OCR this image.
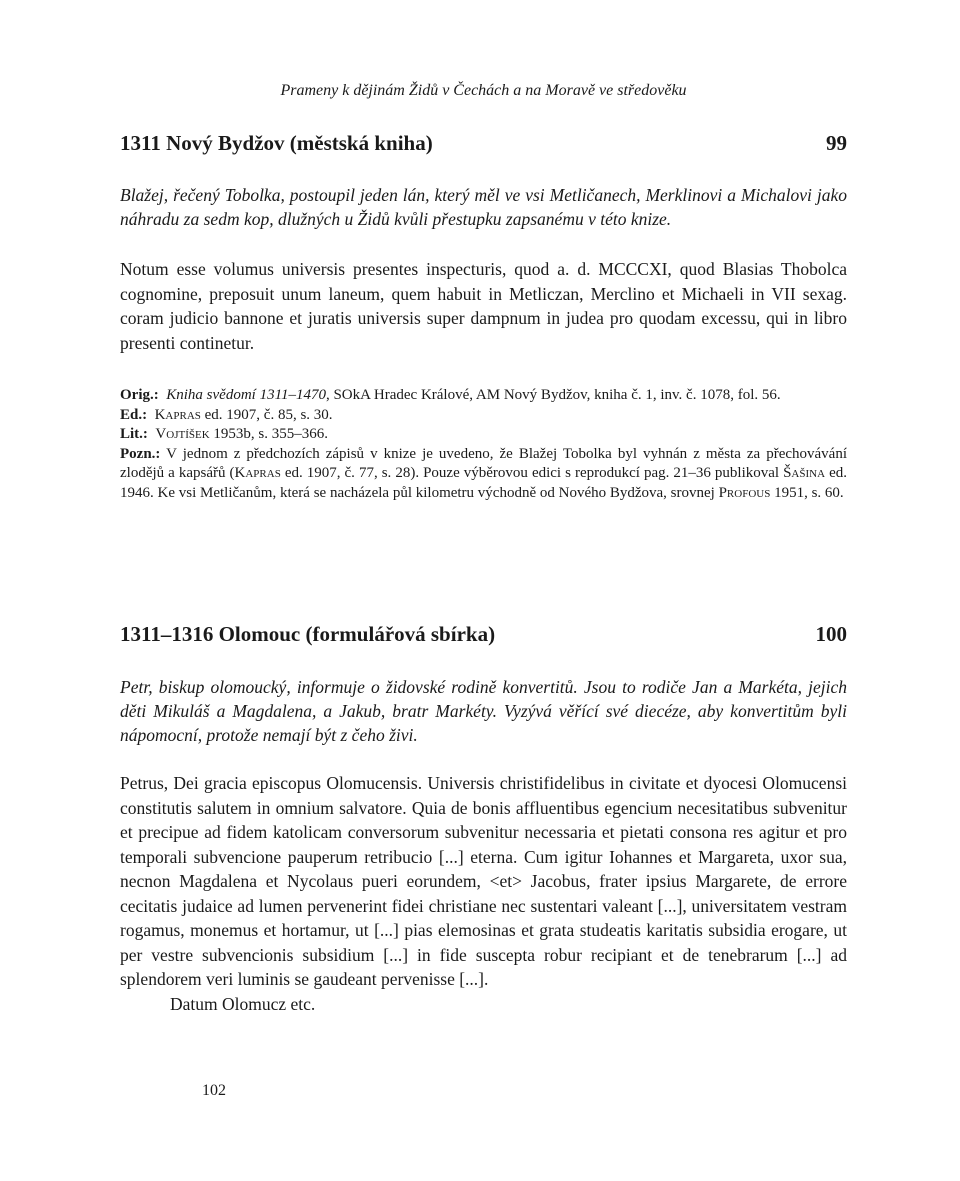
Prameny k dějinám Židů v Čechách a na Moravě ve středověku
1311 Nový Bydžov (městská kniha)	99
Blažej, řečený Tobolka, postoupil jeden lán, který měl ve vsi Metličanech, Merklinovi a Michalovi jako náhradu za sedm kop, dlužných u Židů kvůli přestupku zapsanému v této knize.

Notum esse volumus universis presentes inspecturis, quod a. d. MCCCXI, quod Blasias Thobolca cognomine, preposuit unum laneum, quem habuit in Metliczan, Merclino et Michaeli in VII sexag. coram judicio bannone et juratis universis super dampnum in judea pro quodam excessu, qui in libro presenti continetur.

Orig.: Kniha svědomí 1311–1470, SOkA Hradec Králové, AM Nový Bydžov, kniha č. 1, inv. č. 1078, fol. 56.

Ed.: Kapras ed. 1907, č. 85, s. 30.

Lit.: Vojtíšek 1953b, s. 355–366.

Pozn.: V jednom z předchozích zápisů v knize je uvedeno, že Blažej Tobolka byl vyhnán z města za přechovávání zlodějů a kapsářů (Kapras ed. 1907, č. 77, s. 28). Pouze výběrovou edici s reprodukcí pag. 21–36 publikoval Šašina ed. 1946. Ke vsi Metličanům, která se nacházela půl kilometru východně od Nového Bydžova, srovnej Profous 1951, s. 60.

1311–1316 Olomouc (formulářová sbírka)	100
Petr, biskup olomoucký, informuje o židovské rodině konvertitů. Jsou to rodiče Jan a Markéta, jejich děti Mikuláš a Magdalena, a Jakub, bratr Markéty. Vyzývá věřící své diecéze, aby konvertitům byli nápomocní, protože nemají být z čeho živi.

Petrus, Dei gracia episcopus Olomucensis. Universis christifidelibus in civitate et dyocesi Olomucensi constitutis salutem in omnium salvatore. Quia de bonis affluentibus egencium necesitatibus subvenitur et precipue ad fidem katolicam conversorum subvenitur necessaria et pietati consona res agitur et pro temporali subvencione pauperum retribucio [...] eterna. Cum igitur Iohannes et Margareta, uxor sua, necnon Magdalena et Nycolaus pueri eorundem, <et> Jacobus, frater ipsius Margarete, de errore cecitatis judaice ad lumen pervenerint fidei christiane nec sustentari valeant [...], universitatem vestram rogamus, monemus et hortamur, ut [...] pias elemosinas et grata studeatis karitatis subsidia erogare, ut per vestre subvencionis subsidium [...] in fide suscepta robur recipiant et de tenebrarum [...] ad splendorem veri luminis se gaudeant pervenisse [...].

Datum Olomucz etc.

102
